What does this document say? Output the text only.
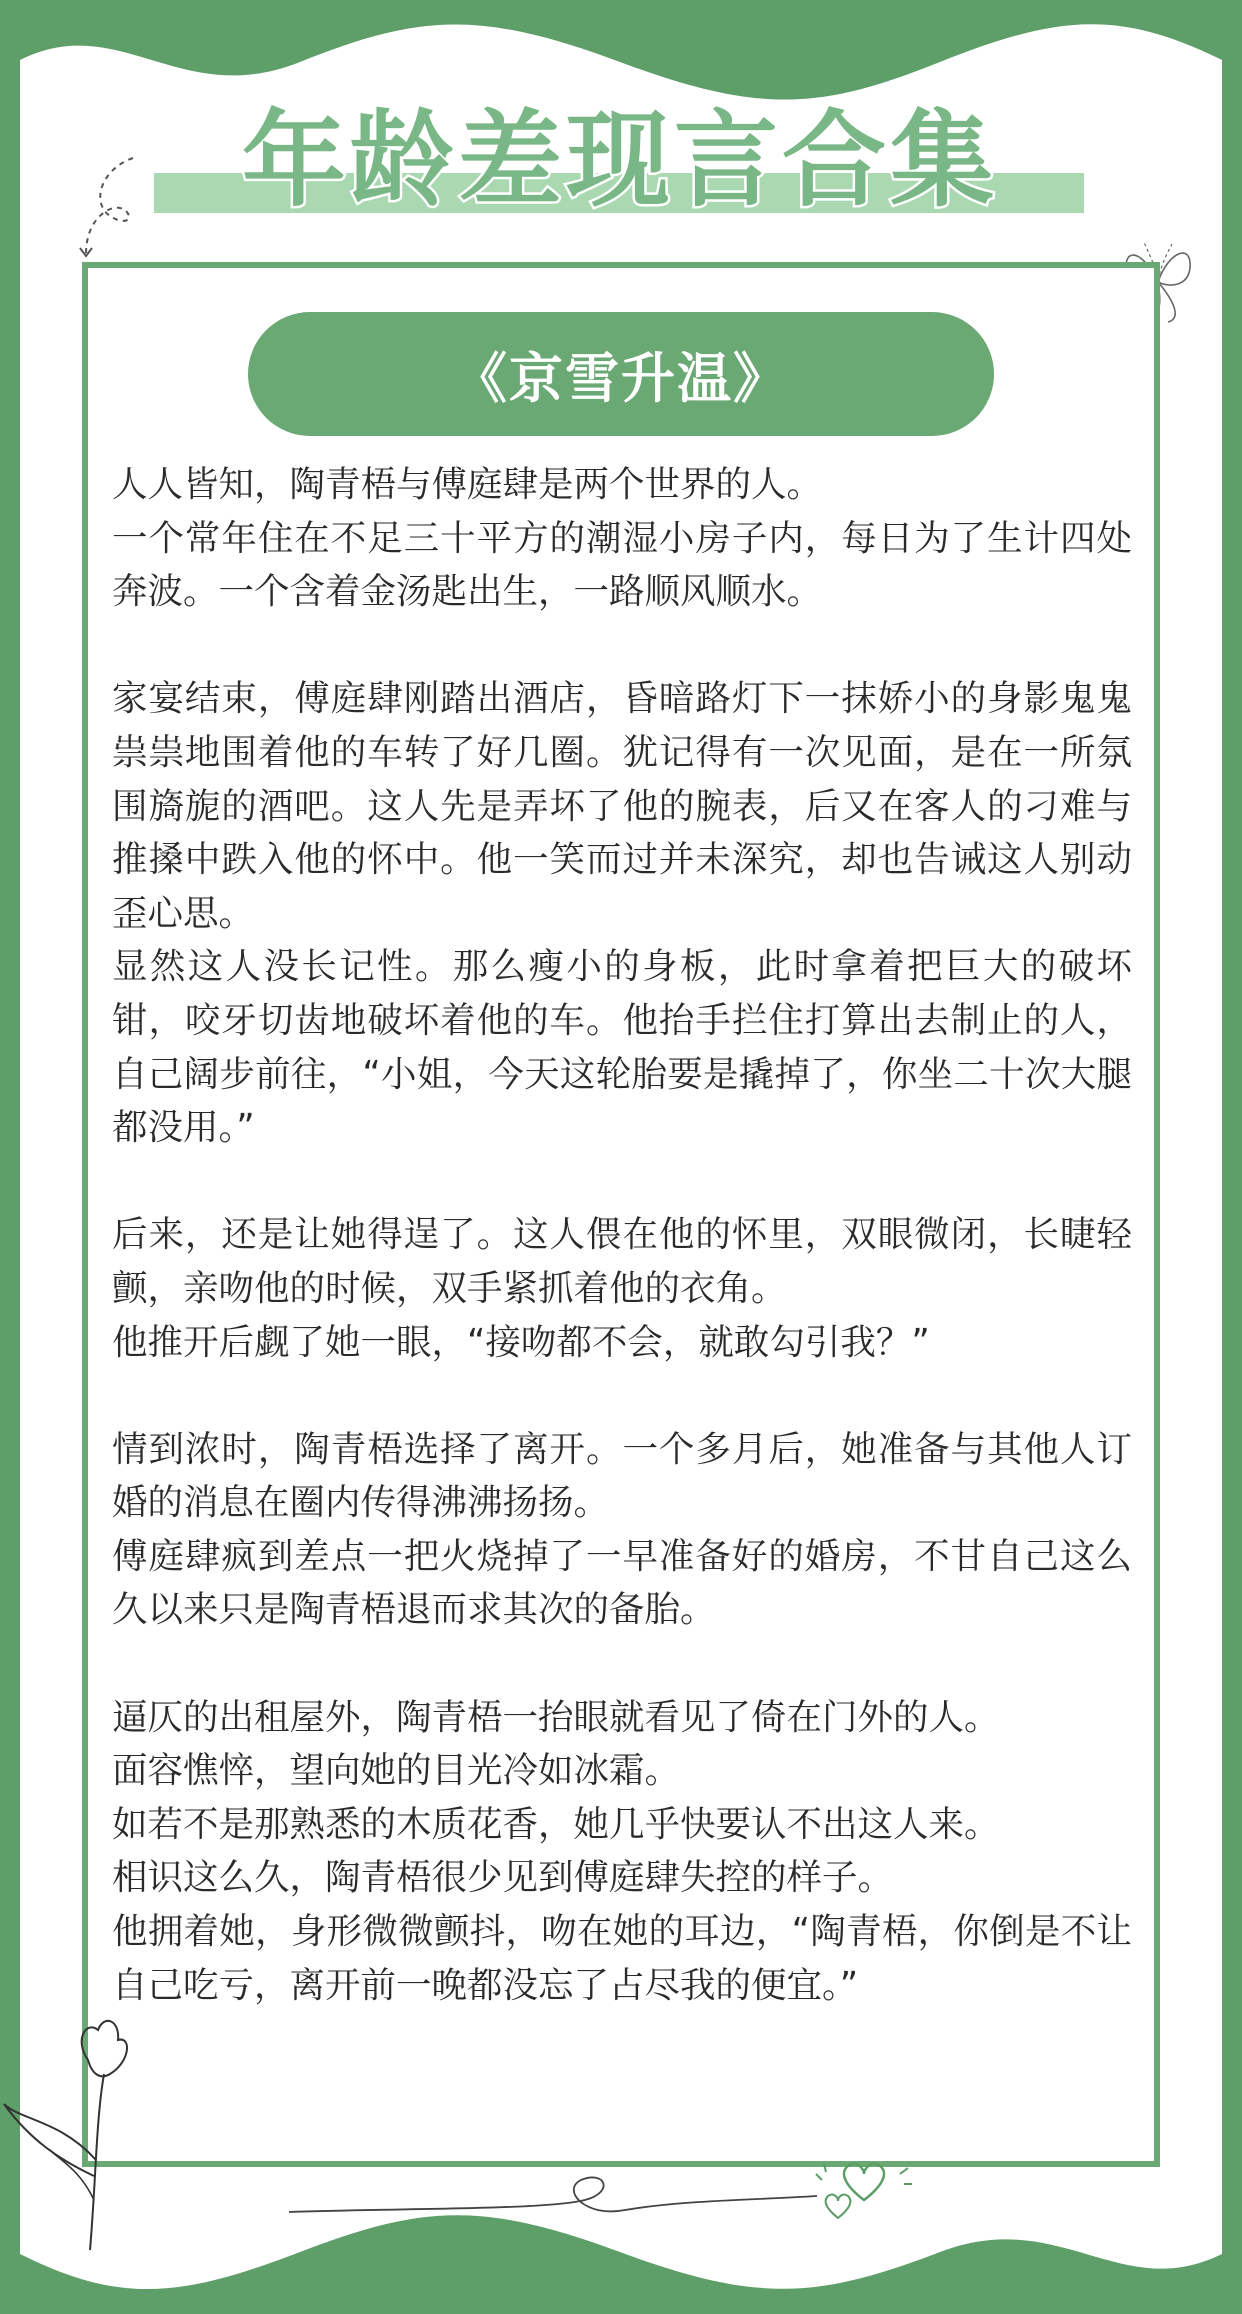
年龄差现言合集
《京雪升温》

人人皆知，陶青梧与傅庭肆是两个世界的人。

一个常年住在不足三十平方的潮湿小房子内，每日为了生计四处奔波。一个含着金汤匙出生，一路顺风顺水。

家宴结束，傅庭肆刚踏出酒店，昏暗路灯下一抹娇小的身影鬼鬼祟祟地围着他的车转了好几圈。犹记得有一次见面，是在一所氛围旖旎的酒吧。这人先是弄坏了他的腕表，后又在客人的刁难与推搡中跌入他的怀中。他一笑而过并未深究，却也告诫这人别动歪心思。

显然这人没长记性。那么瘦小的身板，此时拿着把巨大的破坏钳，咬牙切齿地破坏着他的车。他抬手拦住打算出去制止的人，自己阔步前往，“小姐，今天这轮胎要是撬掉了，你坐二十次大腿都没用。”

后来，还是让她得逞了。这人偎在他的怀里，双眼微闭，长睫轻颤，亲吻他的时候，双手紧抓着他的衣角。

他推开后觑了她一眼，“接吻都不会，就敢勾引我？”

情到浓时，陶青梧选择了离开。一个多月后，她准备与其他人订婚的消息在圈内传得沸沸扬扬。

傅庭肆疯到差点一把火烧掉了一早准备好的婚房，不甘自己这么久以来只是陶青梧退而求其次的备胎。

逼仄的出租屋外，陶青梧一抬眼就看见了倚在门外的人。

面容憔悴，望向她的目光冷如冰霜。

如若不是那熟悉的木质花香，她几乎快要认不出这人来。

相识这么久，陶青梧很少见到傅庭肆失控的样子。

他拥着她，身形微微颤抖，吻在她的耳边，“陶青梧，你倒是不让自己吃亏，离开前一晚都没忘了占尽我的便宜。”
